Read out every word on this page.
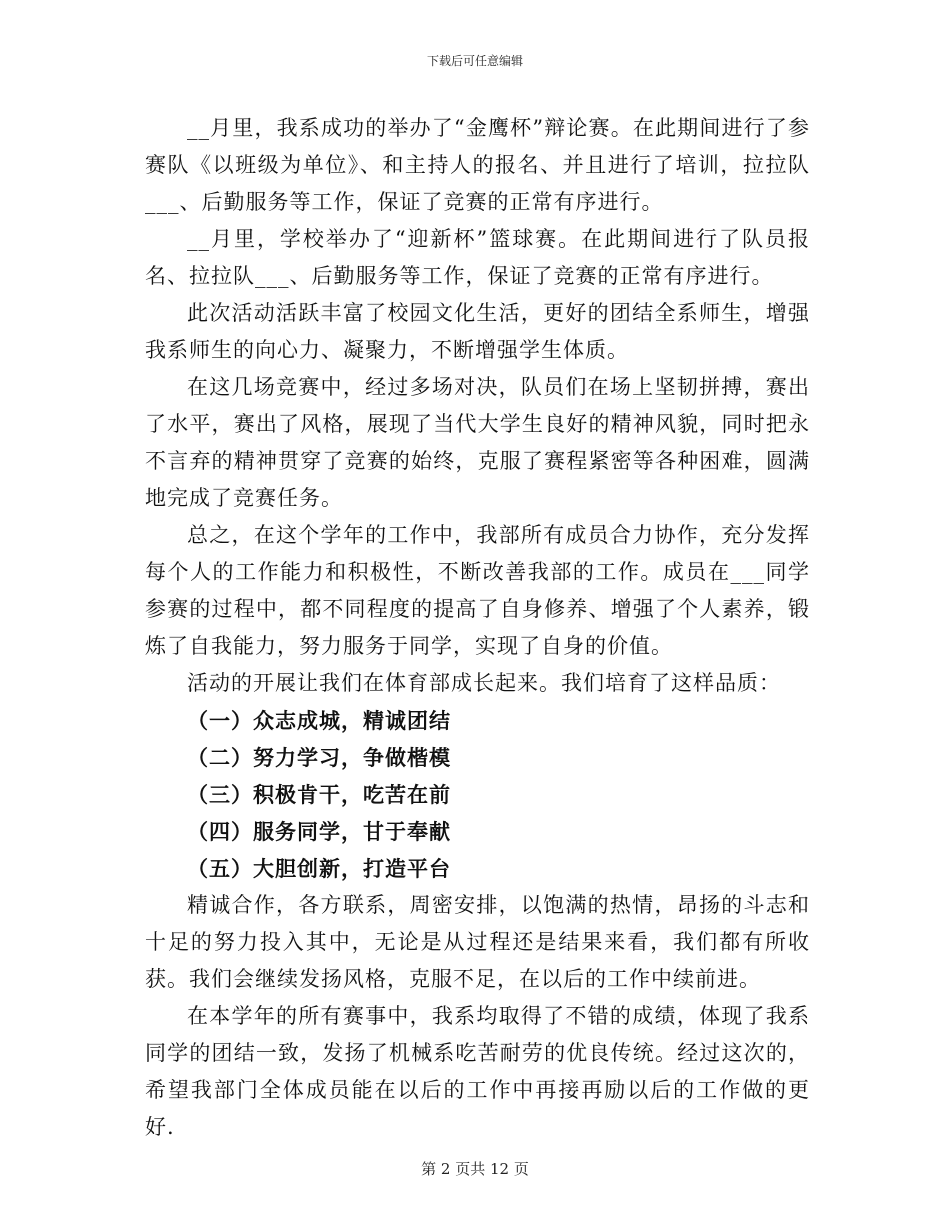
下载后可任意编辑

__月里，我系成功的举办了“金鹰杯”辩论赛。在此期间进行了参赛队《以班级为单位》、和主持人的报名、并且进行了培训，拉拉队___、后勤服务等工作，保证了竞赛的正常有序进行。

__月里，学校举办了“迎新杯”篮球赛。在此期间进行了队员报名、拉拉队___、后勤服务等工作，保证了竞赛的正常有序进行。

此次活动活跃丰富了校园文化生活，更好的团结全系师生，增强我系师生的向心力、凝聚力，不断增强学生体质。

在这几场竞赛中，经过多场对决，队员们在场上坚韧拼搏，赛出了水平，赛出了风格，展现了当代大学生良好的精神风貌，同时把永不言弃的精神贯穿了竞赛的始终，克服了赛程紧密等各种困难，圆满地完成了竞赛任务。

总之，在这个学年的工作中，我部所有成员合力协作，充分发挥每个人的工作能力和积极性，不断改善我部的工作。成员在___同学参赛的过程中，都不同程度的提高了自身修养、增强了个人素养，锻炼了自我能力，努力服务于同学，实现了自身的价值。

活动的开展让我们在体育部成长起来。我们培育了这样品质：

（一）众志成城，精诚团结

（二）努力学习，争做楷模

（三）积极肯干，吃苦在前

（四）服务同学，甘于奉献

（五）大胆创新，打造平台

精诚合作，各方联系，周密安排，以饱满的热情，昂扬的斗志和十足的努力投入其中，无论是从过程还是结果来看，我们都有所收获。我们会继续发扬风格，克服不足，在以后的工作中续前进。

在本学年的所有赛事中，我系均取得了不错的成绩，体现了我系同学的团结一致，发扬了机械系吃苦耐劳的优良传统。经过这次的，希望我部门全体成员能在以后的工作中再接再励以后的工作做的更好.

第 2 页共 12 页
